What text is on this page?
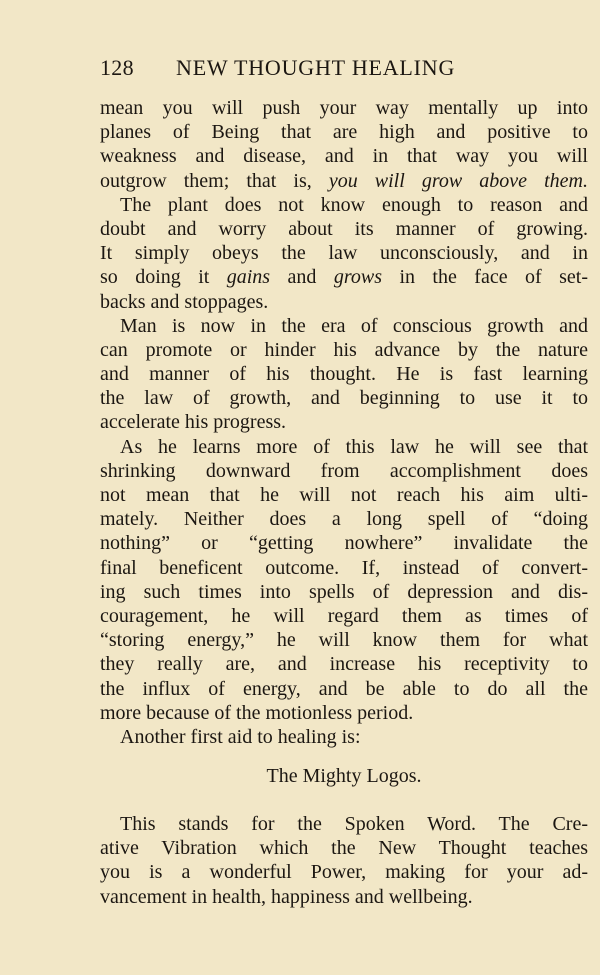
128 NEW THOUGHT HEALING
mean you will push your way mentally up into
planes of Being that are high and positive to
weakness and disease, and in that way you will
outgrow them; that is, you will grow above them.
The plant does not know enough to reason and
doubt and worry about its manner of growing.
It simply obeys the law unconsciously, and in
so doing it gains and grows in the face of set-
backs and stoppages.
Man is now in the era of conscious growth and
can promote or hinder his advance by the nature
and manner of his thought. He is fast learning
the law of growth, and beginning to use it to
accelerate his progress.
As he learns more of this law he will see that
shrinking downward from accomplishment does
not mean that he will not reach his aim ulti-
mately. Neither does a long spell of “doing
nothing” or “getting nowhere” invalidate the
final beneficent outcome. If, instead of convert-
ing such times into spells of depression and dis-
couragement, he will regard them as times of
“storing energy,” he will know them for what
they really are, and increase his receptivity to
the influx of energy, and be able to do all the
more because of the motionless period.
Another first aid to healing is:
The Mighty Logos.
This stands for the Spoken Word. The Cre-
ative Vibration which the New Thought teaches
you is a wonderful Power, making for your ad-
vancement in health, happiness and wellbeing.
